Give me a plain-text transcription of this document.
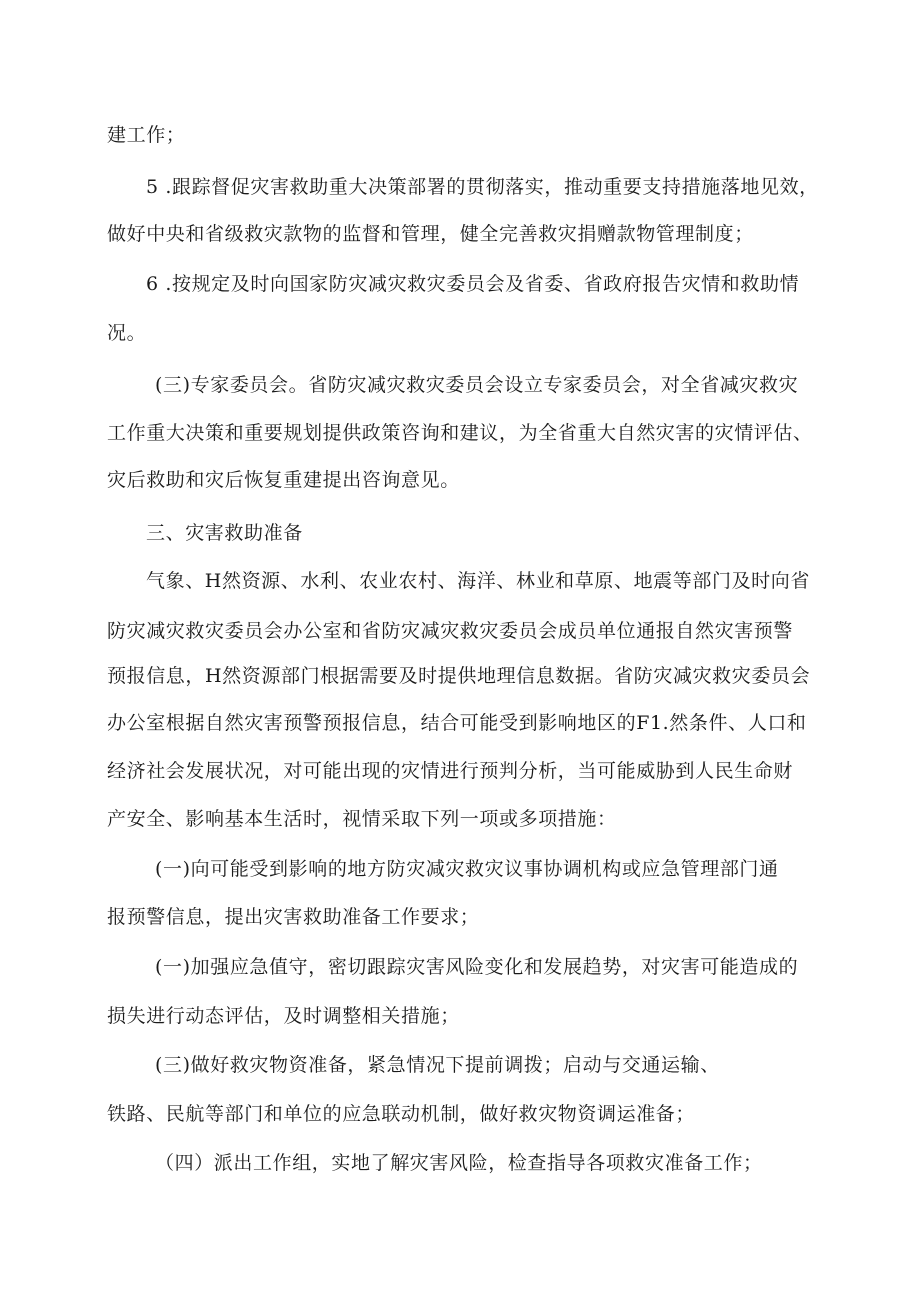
建工作；
5 .跟踪督促灾害救助重大决策部署的贯彻落实，推动重要支持措施落地见效，
做好中央和省级救灾款物的监督和管理，健全完善救灾捐赠款物管理制度；
6 .按规定及时向国家防灾减灾救灾委员会及省委、省政府报告灾情和救助情
况。
(三)专家委员会。省防灾减灾救灾委员会设立专家委员会，对全省减灾救灾
工作重大决策和重要规划提供政策咨询和建议，为全省重大自然灾害的灾情评估、
灾后救助和灾后恢复重建提出咨询意见。
三、灾害救助准备
气象、H然资源、水利、农业农村、海洋、林业和草原、地震等部门及时向省
防灾减灾救灾委员会办公室和省防灾减灾救灾委员会成员单位通报自然灾害预警
预报信息，H然资源部门根据需要及时提供地理信息数据。省防灾减灾救灾委员会
办公室根据自然灾害预警预报信息，结合可能受到影响地区的F1.然条件、人口和
经济社会发展状况，对可能出现的灾情进行预判分析，当可能威胁到人民生命财
产安全、影响基本生活时，视情采取下列一项或多项措施：
(一)向可能受到影响的地方防灾减灾救灾议事协调机构或应急管理部门通
报预警信息，提出灾害救助准备工作要求；
(一)加强应急值守，密切跟踪灾害风险变化和发展趋势，对灾害可能造成的
损失进行动态评估，及时调整相关措施；
(三)做好救灾物资准备，紧急情况下提前调拨；启动与交通运输、
铁路、民航等部门和单位的应急联动机制，做好救灾物资调运准备；
（四）派出工作组，实地了解灾害风险，检查指导各项救灾准备工作；
